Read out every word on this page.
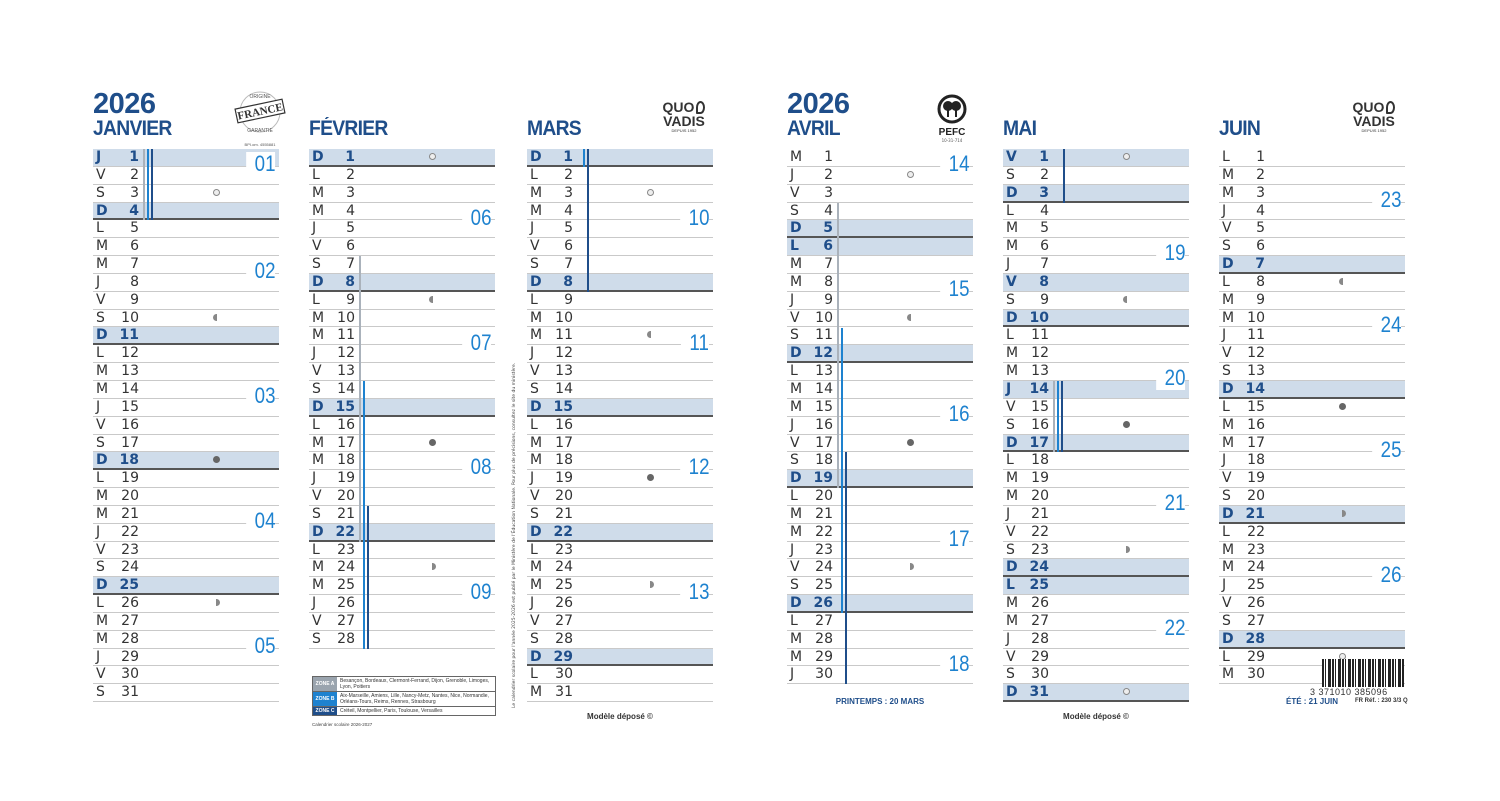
2026
JANVIER
J	1
V	2
S	3
D	4
L	5
M	6
M	7
J	8
V	9
S	10
D 11
L	12
M 13
M 14
J	15
V	16
S	17
D 18
L	19
M 20
M 21
J	22
V	23
S	24
D 25
L	26
M 27
M 28
J	29
V	30
S	31
01
02
03
04
05
FÉVRIER
D	1
L	2
M	3
M	4
J	5
V	6
S	7
D	8
L	9
M 10
M 11
J	12
V	13
S	14
D 15
L	16
M 17
M 18
J	19
V	20
S	21
D 22
L	23
M 24
M 25
J	26
V	27
S	28
06
07
08
09
MARS
D	1
L	2
M	3
M	4
J	5
V	6
S	7
D	8
L	9
M 10
M 11
J	12
V	13
S	14
D 15
L	16
M 17
M 18
J	19
V	20
S	21
D 22
L	23
M 24
M 25
J	26
V	27
S	28
D 29
L	30
M 31
10
11
12
13
Modèle déposé ©
2026
AVRIL
M	1
J	2
V	3
S	4
D	5
L	6
M	7
M	8
J	9
V	10
S	11
D 12
L	13
M 14
M 15
J	16
V	17
S	18
D 19
L	20
M 21
M 22
J	23
V	24
S	25
D 26
L	27
M 28
M 29
J	30
14
15
16
17
18
PRINTEMPS : 20 MARS
MAI
V	1
S	2
D	3
L	4
M	5
M	6
J	7
V	8
S	9
D 10
L	11
M 12
M 13
J	14
V	15
S	16
D 17
L	18
M 19
M 20
J	21
V	22
S	23
D 24
L	25
M 26
M 27
J	28
V	29
S	30
D 31
19
20
21
22
Modèle déposé ©
JUIN
L	1
M	2
M	3
J	4
V	5
S	6
D	7
L	8
M	9
M 10
J	11
V	12
S	13
D 14
L	15
M 16
M 17
J	18
V	19
S	20
D 21
L	22
M 23
M 24
J	25
V	26
S	27
D 28
L	29
M 30
23
24
25
26
ÉTÉ : 21 JUIN
FRANCE
ORIGINE
GARANTIE
BPI.om. 4555881
QUO
VADIS
DEPUIS 1952
QUO
VADIS
DEPUIS 1952
PEFC
10-31-714
ZONE A	Besançon, Bordeaux, Clermont-Ferrand, Dijon, Grenoble, Limoges, Lyon, Poitiers
ZONE B	Aix-Marseille, Amiens, Lille, Nancy-Metz, Nantes, Nice, Normandie, Orléans-Tours, Reims, Rennes, Strasbourg
ZONE C	Créteil, Montpellier, Paris, Toulouse, Versailles
Calendrier scolaire 2026-2027
Le calendrier scolaire pour l'année 2025-2026 est publié par le Ministère de l'Éducation Nationale. Pour plus de précisions, consultez le site du ministère.	3 371010 385096
FR Réf. : 230 3/3 Q
